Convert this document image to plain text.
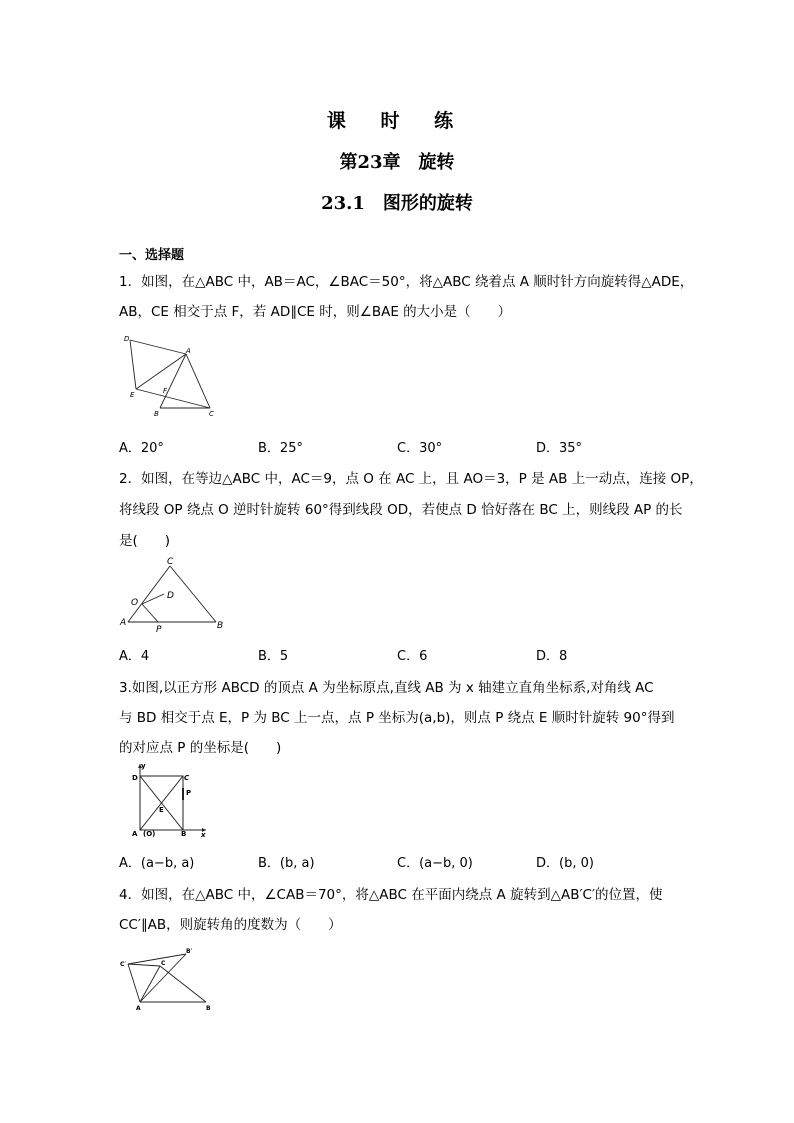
课 时 练
第23章　旋转
23.1　图形的旋转
一、选择题
1．如图，在△ABC 中，AB＝AC，∠BAC＝50°，将△ABC 绕着点 A 顺时针方向旋转得△ADE，
AB，CE 相交于点 F，若 AD∥CE 时，则∠BAE 的大小是（　　）
D
A
F
E
B	C
A．20°	B．25°	C．30°	D．35°
2．如图，在等边△ABC 中，AC＝9，点 O 在 AC 上，且 AO＝3，P 是 AB 上一动点，连接 OP，
将线段 OP 绕点 O 逆时针旋转 60°得到线段 OD，若使点 D 恰好落在 BC 上，则线段 AP 的长
是(　　)
C
D
O
A
P	B
A．4	B．5	C．6	D．8
3.如图,以正方形 ABCD 的顶点 A 为坐标原点,直线 AB 为 x 轴建立直角坐标系,对角线 AC
与 BD 相交于点 E，P 为 BC 上一点，点 P 坐标为(a,b)，则点 P 绕点 E 顺时针旋转 90°得到
的对应点 P 的坐标是(　　)
y
D	C
P
E
A (O)	B x
A．(a−b, a)	B．(b, a)	C．(a−b, 0)	D．(b, 0)
4．如图，在△ABC 中，∠CAB＝70°，将△ABC 在平面内绕点 A 旋转到△AB′C′的位置，使
CC′∥AB，则旋转角的度数为（　　）
C′
B′
C
A	B
